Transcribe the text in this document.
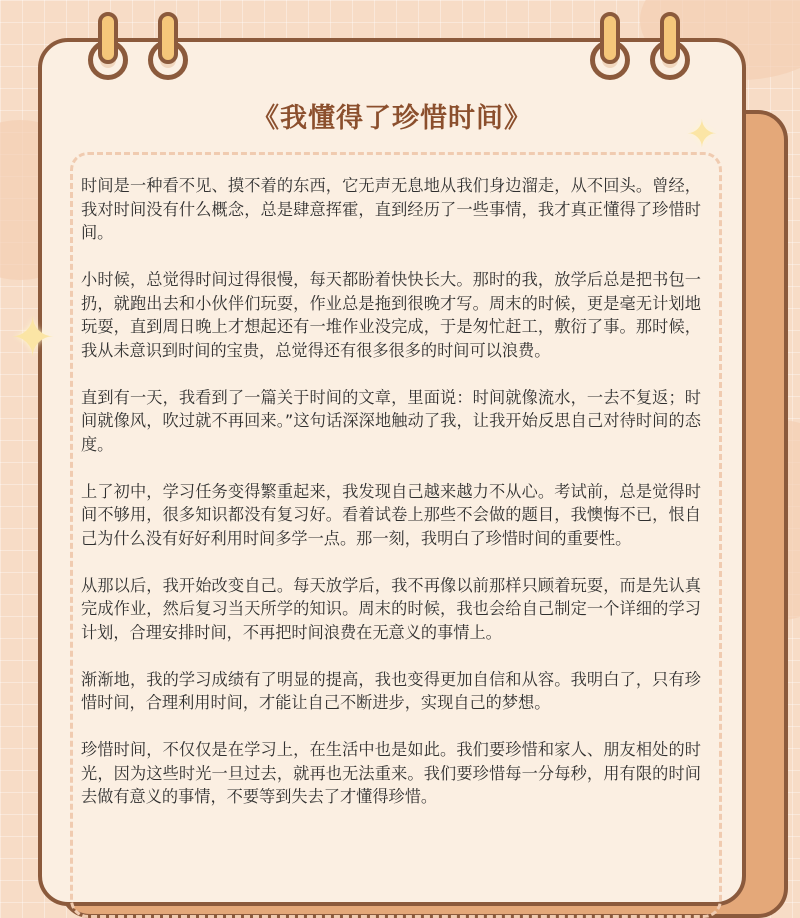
✦
✦
《我懂得了珍惜时间》

时间是一种看不见、摸不着的东西，它无声无息地从我们身边溜走，从不回头。曾经，我对时间没有什么概念，总是肆意挥霍，直到经历了一些事情，我才真正懂得了珍惜时间。

小时候，总觉得时间过得很慢，每天都盼着快快长大。那时的我，放学后总是把书包一扔，就跑出去和小伙伴们玩耍，作业总是拖到很晚才写。周末的时候，更是毫无计划地玩耍，直到周日晚上才想起还有一堆作业没完成，于是匆忙赶工，敷衍了事。那时候，我从未意识到时间的宝贵，总觉得还有很多很多的时间可以浪费。

直到有一天，我看到了一篇关于时间的文章，里面说：时间就像流水，一去不复返；时间就像风，吹过就不再回来。”这句话深深地触动了我，让我开始反思自己对待时间的态度。

上了初中，学习任务变得繁重起来，我发现自己越来越力不从心。考试前，总是觉得时间不够用，很多知识都没有复习好。看着试卷上那些不会做的题目，我懊悔不已，恨自己为什么没有好好利用时间多学一点。那一刻，我明白了珍惜时间的重要性。

从那以后，我开始改变自己。每天放学后，我不再像以前那样只顾着玩耍，而是先认真完成作业，然后复习当天所学的知识。周末的时候，我也会给自己制定一个详细的学习计划，合理安排时间，不再把时间浪费在无意义的事情上。

渐渐地，我的学习成绩有了明显的提高，我也变得更加自信和从容。我明白了，只有珍惜时间，合理利用时间，才能让自己不断进步，实现自己的梦想。

珍惜时间，不仅仅是在学习上，在生活中也是如此。我们要珍惜和家人、朋友相处的时光，因为这些时光一旦过去，就再也无法重来。我们要珍惜每一分每秒，用有限的时间去做有意义的事情，不要等到失去了才懂得珍惜。
